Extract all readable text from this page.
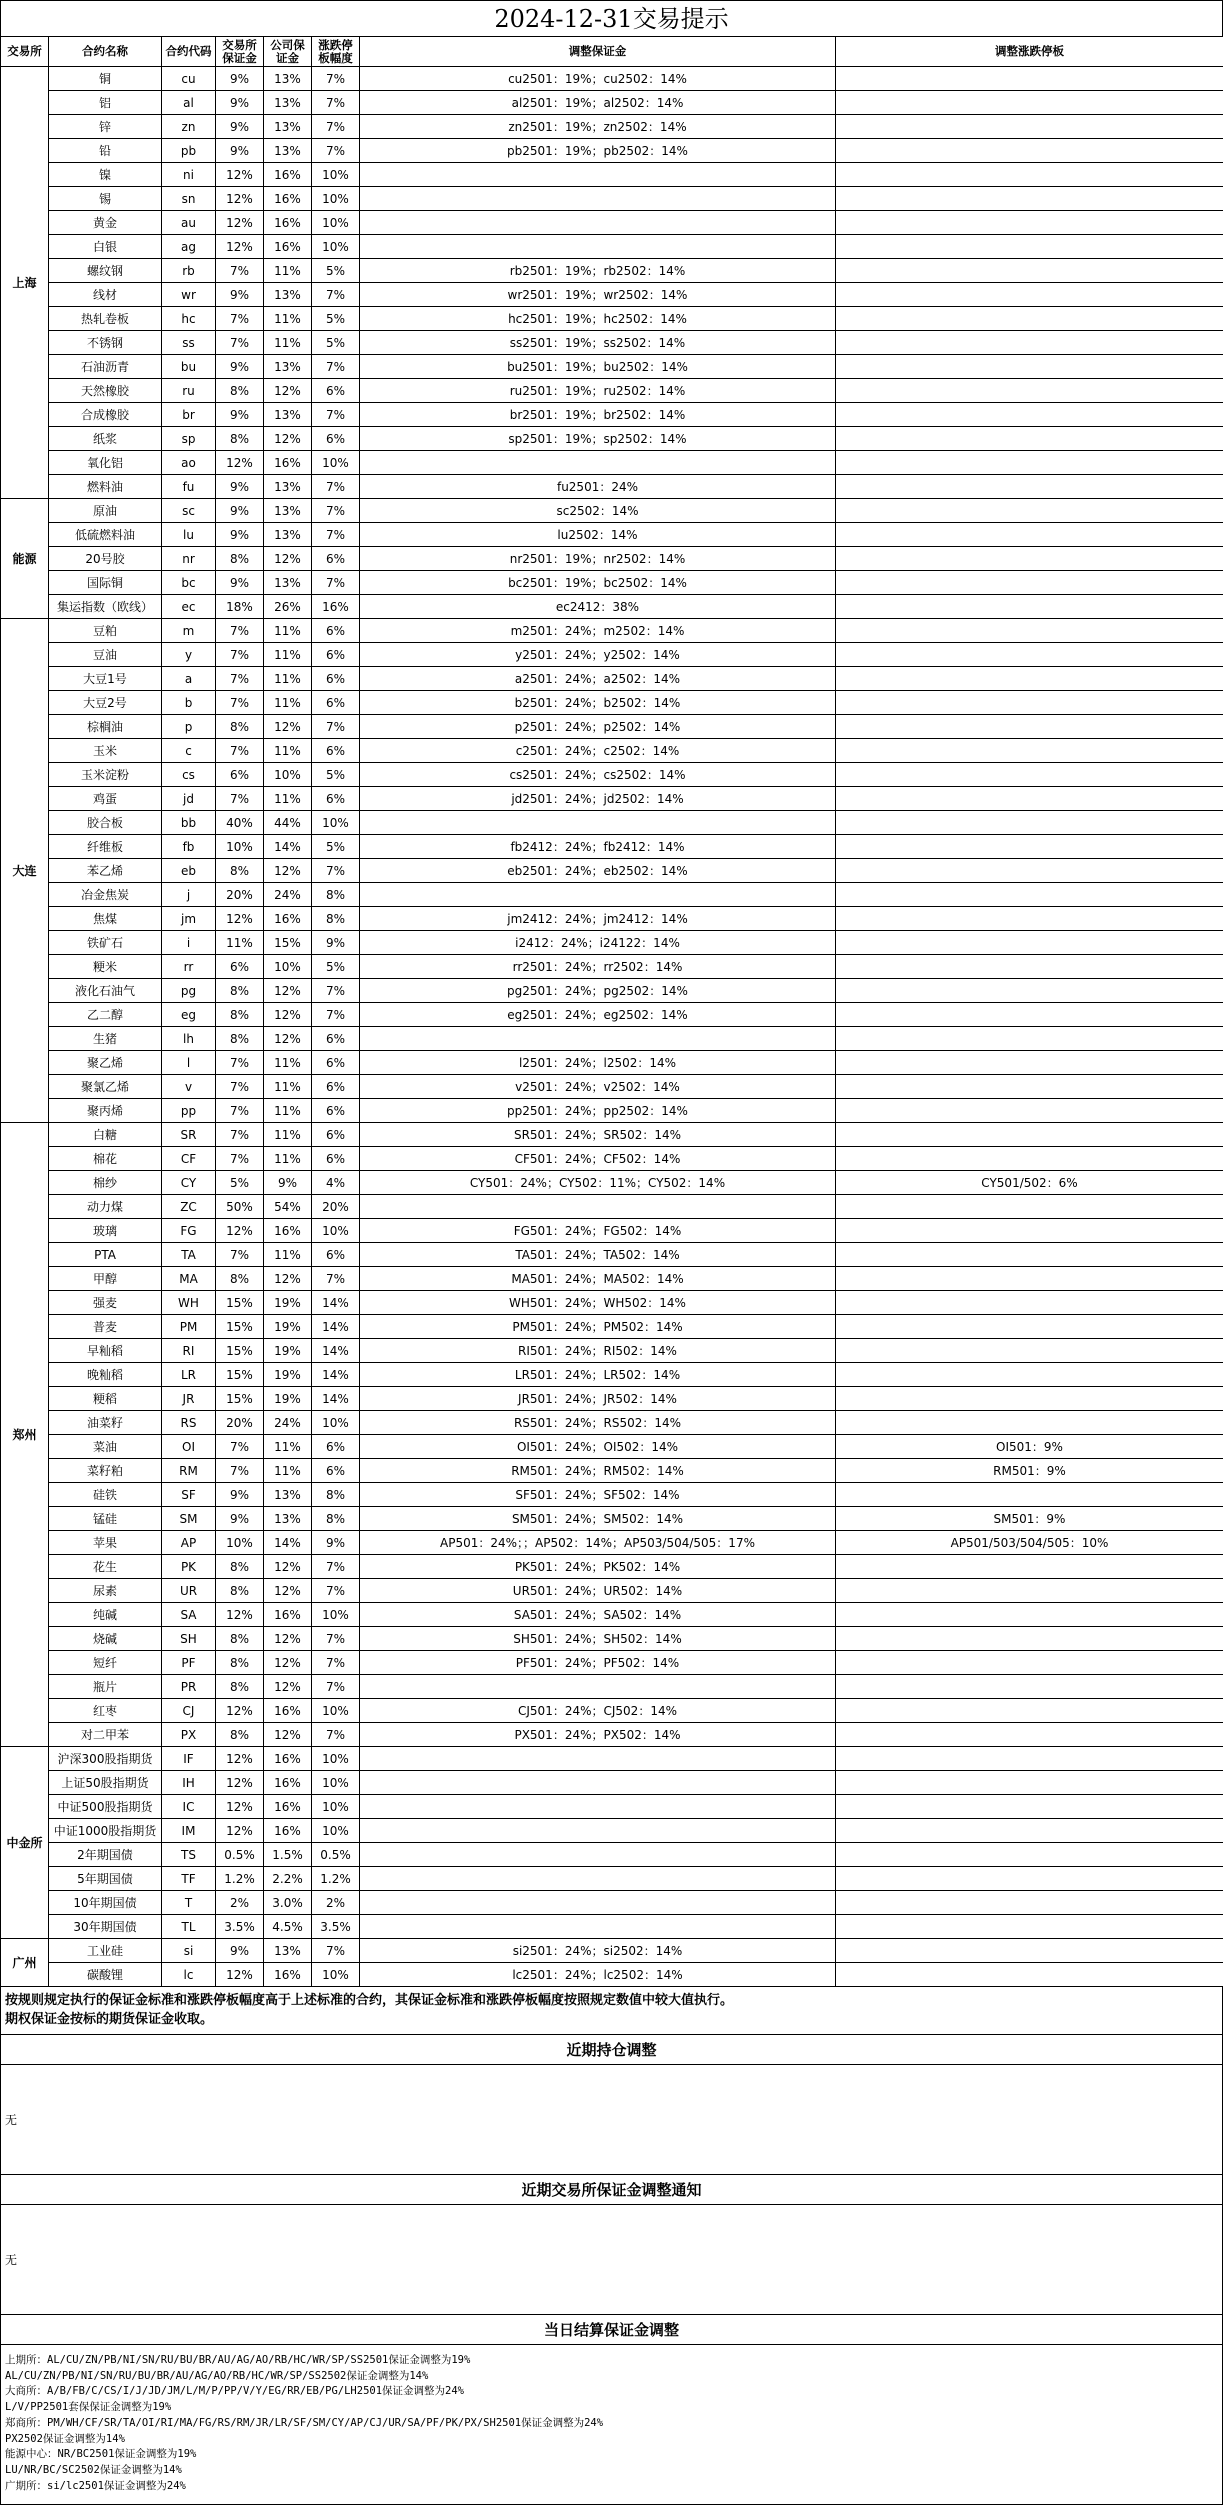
2024-12-31交易提示
交易所	合约名称	合约代码	交易所保证金	公司保证金	涨跌停板幅度	调整保证金	调整涨跌停板
上海	铜	cu	9%	13%	7%	cu2501：19%；cu2502：14%	
	铝	al	9%	13%	7%	al2501：19%；al2502：14%	
	锌	zn	9%	13%	7%	zn2501：19%；zn2502：14%	
	铅	pb	9%	13%	7%	pb2501：19%；pb2502：14%	
	镍	ni	12%	16%	10%		
	锡	sn	12%	16%	10%		
	黄金	au	12%	16%	10%		
	白银	ag	12%	16%	10%		
	螺纹钢	rb	7%	11%	5%	rb2501：19%；rb2502：14%	
	线材	wr	9%	13%	7%	wr2501：19%；wr2502：14%	
	热轧卷板	hc	7%	11%	5%	hc2501：19%；hc2502：14%	
	不锈钢	ss	7%	11%	5%	ss2501：19%；ss2502：14%	
	石油沥青	bu	9%	13%	7%	bu2501：19%；bu2502：14%	
	天然橡胶	ru	8%	12%	6%	ru2501：19%；ru2502：14%	
	合成橡胶	br	9%	13%	7%	br2501：19%；br2502：14%	
	纸浆	sp	8%	12%	6%	sp2501：19%；sp2502：14%	
	氧化铝	ao	12%	16%	10%		
	燃料油	fu	9%	13%	7%	fu2501：24%	
能源	原油	sc	9%	13%	7%	sc2502：14%	
	低硫燃料油	lu	9%	13%	7%	lu2502：14%	
	20号胶	nr	8%	12%	6%	nr2501：19%；nr2502：14%	
	国际铜	bc	9%	13%	7%	bc2501：19%；bc2502：14%	
	集运指数（欧线）	ec	18%	26%	16%	ec2412：38%	
大连	豆粕	m	7%	11%	6%	m2501：24%；m2502：14%	
	豆油	y	7%	11%	6%	y2501：24%；y2502：14%	
	大豆1号	a	7%	11%	6%	a2501：24%；a2502：14%	
	大豆2号	b	7%	11%	6%	b2501：24%；b2502：14%	
	棕榈油	p	8%	12%	7%	p2501：24%；p2502：14%	
	玉米	c	7%	11%	6%	c2501：24%；c2502：14%	
	玉米淀粉	cs	6%	10%	5%	cs2501：24%；cs2502：14%	
	鸡蛋	jd	7%	11%	6%	jd2501：24%；jd2502：14%	
	胶合板	bb	40%	44%	10%		
	纤维板	fb	10%	14%	5%	fb2412：24%；fb2412：14%	
	苯乙烯	eb	8%	12%	7%	eb2501：24%；eb2502：14%	
	冶金焦炭	j	20%	24%	8%		
	焦煤	jm	12%	16%	8%	jm2412：24%；jm2412：14%	
	铁矿石	i	11%	15%	9%	i2412：24%；i24122：14%	
	粳米	rr	6%	10%	5%	rr2501：24%；rr2502：14%	
	液化石油气	pg	8%	12%	7%	pg2501：24%；pg2502：14%	
	乙二醇	eg	8%	12%	7%	eg2501：24%；eg2502：14%	
	生猪	lh	8%	12%	6%		
	聚乙烯	l	7%	11%	6%	l2501：24%；l2502：14%	
	聚氯乙烯	v	7%	11%	6%	v2501：24%；v2502：14%	
	聚丙烯	pp	7%	11%	6%	pp2501：24%；pp2502：14%	
郑州	白糖	SR	7%	11%	6%	SR501：24%；SR502：14%	
	棉花	CF	7%	11%	6%	CF501：24%；CF502：14%	
	棉纱	CY	5%	9%	4%	CY501：24%；CY502：11%；CY502：14%	CY501/502：6%
	动力煤	ZC	50%	54%	20%		
	玻璃	FG	12%	16%	10%	FG501：24%；FG502：14%	
	PTA	TA	7%	11%	6%	TA501：24%；TA502：14%	
	甲醇	MA	8%	12%	7%	MA501：24%；MA502：14%	
	强麦	WH	15%	19%	14%	WH501：24%；WH502：14%	
	普麦	PM	15%	19%	14%	PM501：24%；PM502：14%	
	早籼稻	RI	15%	19%	14%	RI501：24%；RI502：14%	
	晚籼稻	LR	15%	19%	14%	LR501：24%；LR502：14%	
	粳稻	JR	15%	19%	14%	JR501：24%；JR502：14%	
	油菜籽	RS	20%	24%	10%	RS501：24%；RS502：14%	
	菜油	OI	7%	11%	6%	OI501：24%；OI502：14%	OI501：9%
	菜籽粕	RM	7%	11%	6%	RM501：24%；RM502：14%	RM501：9%
	硅铁	SF	9%	13%	8%	SF501：24%；SF502：14%	
	锰硅	SM	9%	13%	8%	SM501：24%；SM502：14%	SM501：9%
	苹果	AP	10%	14%	9%	AP501：24%；；AP502：14%；AP503/504/505：17%	AP501/503/504/505：10%
	花生	PK	8%	12%	7%	PK501：24%；PK502：14%	
	尿素	UR	8%	12%	7%	UR501：24%；UR502：14%	
	纯碱	SA	12%	16%	10%	SA501：24%；SA502：14%	
	烧碱	SH	8%	12%	7%	SH501：24%；SH502：14%	
	短纤	PF	8%	12%	7%	PF501：24%；PF502：14%	
	瓶片	PR	8%	12%	7%		
	红枣	CJ	12%	16%	10%	CJ501：24%；CJ502：14%	
	对二甲苯	PX	8%	12%	7%	PX501：24%；PX502：14%	
中金所	沪深300股指期货	IF	12%	16%	10%		
	上证50股指期货	IH	12%	16%	10%		
	中证500股指期货	IC	12%	16%	10%		
	中证1000股指期货	IM	12%	16%	10%		
	2年期国债	TS	0.5%	1.5%	0.5%		
	5年期国债	TF	1.2%	2.2%	1.2%		
	10年期国债	T	2%	3.0%	2%		
	30年期国债	TL	3.5%	4.5%	3.5%		
广州	工业硅	si	9%	13%	7%	si2501：24%；si2502：14%	
	碳酸锂	lc	12%	16%	10%	lc2501：24%；lc2502：14%	
按规则规定执行的保证金标准和涨跌停板幅度高于上述标准的合约，其保证金标准和涨跌停板幅度按照规定数值中较大值执行。
期权保证金按标的期货保证金收取。
近期持仓调整
无
近期交易所保证金调整通知
无
当日结算保证金调整
上期所：AL/CU/ZN/PB/NI/SN/RU/BU/BR/AU/AG/AO/RB/HC/WR/SP/SS2501保证金调整为19%
AL/CU/ZN/PB/NI/SN/RU/BU/BR/AU/AG/AO/RB/HC/WR/SP/SS2502保证金调整为14%
大商所：A/B/FB/C/CS/I/J/JD/JM/L/M/P/PP/V/Y/EG/RR/EB/PG/LH2501保证金调整为24%
L/V/PP2501套保保证金调整为19%
郑商所：PM/WH/CF/SR/TA/OI/RI/MA/FG/RS/RM/JR/LR/SF/SM/CY/AP/CJ/UR/SA/PF/PK/PX/SH2501保证金调整为24%
PX2502保证金调整为14%
能源中心：NR/BC2501保证金调整为19%
LU/NR/BC/SC2502保证金调整为14%
广期所：si/lc2501保证金调整为24%
